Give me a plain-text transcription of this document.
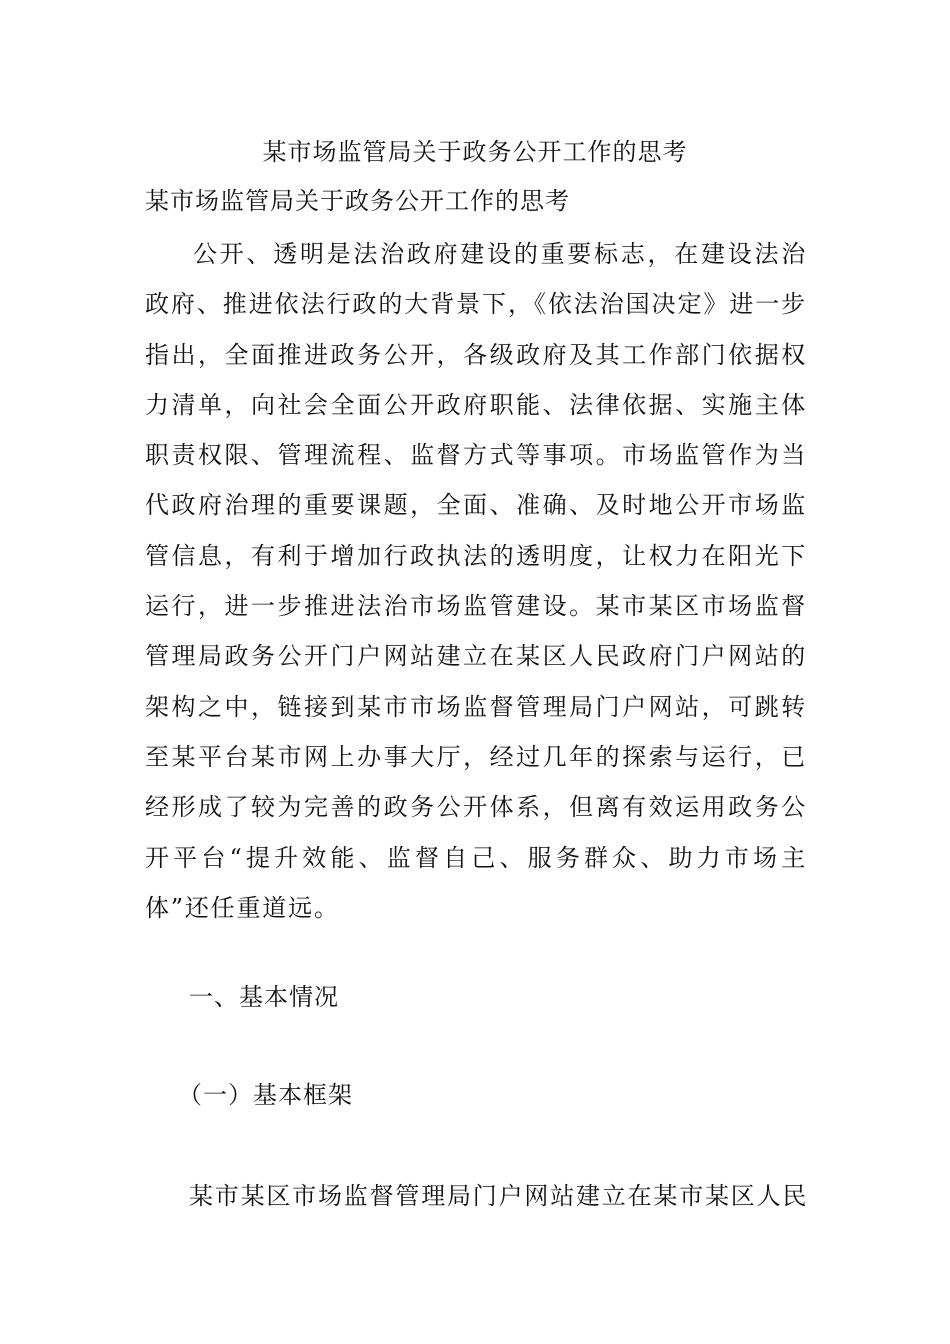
某市场监管局关于政务公开工作的思考
某市场监管局关于政务公开工作的思考

公开、透明是法治政府建设的重要标志，在建设法治政府、推进依法行政的大背景下，《依法治国决定》进一步指出，全面推进政务公开，各级政府及其工作部门依据权力清单，向社会全面公开政府职能、法律依据、实施主体职责权限、管理流程、监督方式等事项。市场监管作为当代政府治理的重要课题，全面、准确、及时地公开市场监管信息，有利于增加行政执法的透明度，让权力在阳光下运行，进一步推进法治市场监管建设。某市某区市场监督管理局政务公开门户网站建立在某区人民政府门户网站的架构之中，链接到某市市场监督管理局门户网站，可跳转至某平台某市网上办事大厅，经过几年的探索与运行，已经形成了较为完善的政务公开体系，但离有效运用政务公开平台“提升效能、监督自己、服务群众、助力市场主体”还任重道远。

一、基本情况
（一）基本框架

某市某区市场监督管理局门户网站建立在某市某区人民
